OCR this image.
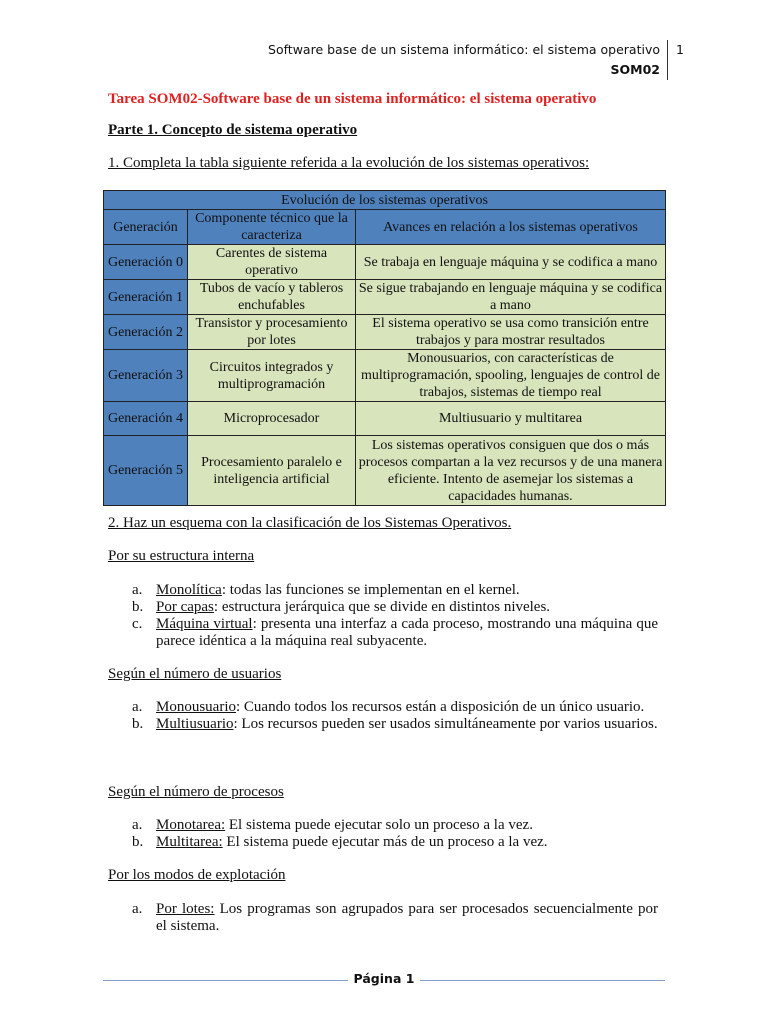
Software base de un sistema informático: el sistema operativo
SOM02
1
Tarea SOM02-Software base de un sistema informático: el sistema operativo
Parte 1. Concepto de sistema operativo
1. Completa la tabla siguiente referida a la evolución de los sistemas operativos:
Evolución de los sistemas operativos		
Generación	Componente técnico que la caracteriza	Avances en relación a los sistemas operativos
Generación 0	Carentes de sistema operativo	Se trabaja en lenguaje máquina y se codifica a mano
Generación 1	Tubos de vacío y tableros enchufables	Se sigue trabajando en lenguaje máquina y se codifica a mano
Generación 2	Transistor y procesamiento por lotes	El sistema operativo se usa como transición entre trabajos y para mostrar resultados
Generación 3	Circuitos integrados y multiprogramación	Monousuarios, con características de multiprogramación, spooling, lenguajes de control de trabajos, sistemas de tiempo real
Generación 4	Microprocesador	Multiusuario y multitarea
Generación 5	Procesamiento paralelo e inteligencia artificial	Los sistemas operativos consiguen que dos o más procesos compartan a la vez recursos y de una manera eficiente. Intento de asemejar los sistemas a capacidades humanas.
2. Haz un esquema con la clasificación de los Sistemas Operativos.
Por su estructura interna
a. Monolítica: todas las funciones se implementan en el kernel.
b. Por capas: estructura jerárquica que se divide en distintos niveles.
c. Máquina virtual: presenta una interfaz a cada proceso, mostrando una máquina que parece idéntica a la máquina real subyacente.
Según el número de usuarios
a. Monousuario: Cuando todos los recursos están a disposición de un único usuario.
b. Multiusuario: Los recursos pueden ser usados simultáneamente por varios usuarios.
Según el número de procesos
a. Monotarea: El sistema puede ejecutar solo un proceso a la vez.
b. Multitarea: El sistema puede ejecutar más de un proceso a la vez.
Por los modos de explotación
a. Por lotes: Los programas son agrupados para ser procesados secuencialmente por el sistema.
Página 1
